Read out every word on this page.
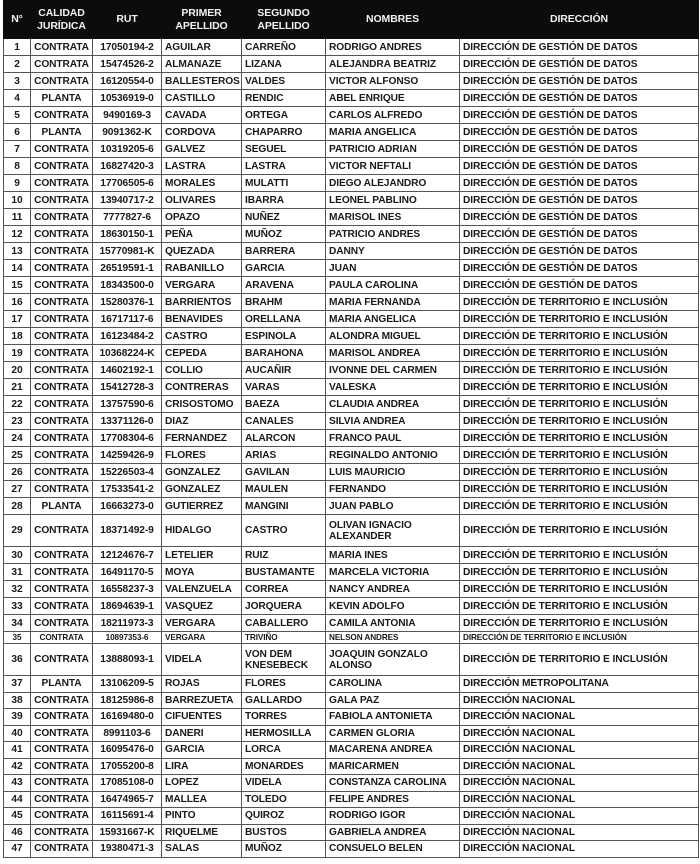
N°	CALIDAD JURÍDICA	RUT	PRIMER APELLIDO	SEGUNDO APELLIDO	NOMBRES	DIRECCIÓN
1	CONTRATA	17050194-2	AGUILAR	CARREÑO	RODRIGO ANDRES	DIRECCIÓN DE GESTIÓN DE DATOS
2	CONTRATA	15474526-2	ALMANAZE	LIZANA	ALEJANDRA BEATRIZ	DIRECCIÓN DE GESTIÓN DE DATOS
3	CONTRATA	16120554-0	BALLESTEROS	VALDES	VICTOR ALFONSO	DIRECCIÓN DE GESTIÓN DE DATOS
4	PLANTA	10536919-0	CASTILLO	RENDIC	ABEL ENRIQUE	DIRECCIÓN DE GESTIÓN DE DATOS
5	CONTRATA	9490169-3	CAVADA	ORTEGA	CARLOS ALFREDO	DIRECCIÓN DE GESTIÓN DE DATOS
6	PLANTA	9091362-K	CORDOVA	CHAPARRO	MARIA ANGELICA	DIRECCIÓN DE GESTIÓN DE DATOS
7	CONTRATA	10319205-6	GALVEZ	SEGUEL	PATRICIO ADRIAN	DIRECCIÓN DE GESTIÓN DE DATOS
8	CONTRATA	16827420-3	LASTRA	LASTRA	VICTOR NEFTALI	DIRECCIÓN DE GESTIÓN DE DATOS
9	CONTRATA	17706505-6	MORALES	MULATTI	DIEGO ALEJANDRO	DIRECCIÓN DE GESTIÓN DE DATOS
10	CONTRATA	13940717-2	OLIVARES	IBARRA	LEONEL PABLINO	DIRECCIÓN DE GESTIÓN DE DATOS
11	CONTRATA	7777827-6	OPAZO	NUÑEZ	MARISOL INES	DIRECCIÓN DE GESTIÓN DE DATOS
12	CONTRATA	18630150-1	PEÑA	MUÑOZ	PATRICIO ANDRES	DIRECCIÓN DE GESTIÓN DE DATOS
13	CONTRATA	15770981-K	QUEZADA	BARRERA	DANNY	DIRECCIÓN DE GESTIÓN DE DATOS
14	CONTRATA	26519591-1	RABANILLO	GARCIA	JUAN	DIRECCIÓN DE GESTIÓN DE DATOS
15	CONTRATA	18343500-0	VERGARA	ARAVENA	PAULA CAROLINA	DIRECCIÓN DE GESTIÓN DE DATOS
16	CONTRATA	15280376-1	BARRIENTOS	BRAHM	MARIA FERNANDA	DIRECCIÓN DE TERRITORIO E INCLUSIÓN
17	CONTRATA	16717117-6	BENAVIDES	ORELLANA	MARIA ANGELICA	DIRECCIÓN DE TERRITORIO E INCLUSIÓN
18	CONTRATA	16123484-2	CASTRO	ESPINOLA	ALONDRA MIGUEL	DIRECCIÓN DE TERRITORIO E INCLUSIÓN
19	CONTRATA	10368224-K	CEPEDA	BARAHONA	MARISOL ANDREA	DIRECCIÓN DE TERRITORIO E INCLUSIÓN
20	CONTRATA	14602192-1	COLLIO	AUCAÑIR	IVONNE DEL CARMEN	DIRECCIÓN DE TERRITORIO E INCLUSIÓN
21	CONTRATA	15412728-3	CONTRERAS	VARAS	VALESKA	DIRECCIÓN DE TERRITORIO E INCLUSIÓN
22	CONTRATA	13757590-6	CRISOSTOMO	BAEZA	CLAUDIA ANDREA	DIRECCIÓN DE TERRITORIO E INCLUSIÓN
23	CONTRATA	13371126-0	DIAZ	CANALES	SILVIA ANDREA	DIRECCIÓN DE TERRITORIO E INCLUSIÓN
24	CONTRATA	17708304-6	FERNANDEZ	ALARCON	FRANCO PAUL	DIRECCIÓN DE TERRITORIO E INCLUSIÓN
25	CONTRATA	14259426-9	FLORES	ARIAS	REGINALDO ANTONIO	DIRECCIÓN DE TERRITORIO E INCLUSIÓN
26	CONTRATA	15226503-4	GONZALEZ	GAVILAN	LUIS MAURICIO	DIRECCIÓN DE TERRITORIO E INCLUSIÓN
27	CONTRATA	17533541-2	GONZALEZ	MAULEN	FERNANDO	DIRECCIÓN DE TERRITORIO E INCLUSIÓN
28	PLANTA	16663273-0	GUTIERREZ	MANGINI	JUAN PABLO	DIRECCIÓN DE TERRITORIO E INCLUSIÓN
29	CONTRATA	18371492-9	HIDALGO	CASTRO	OLIVAN IGNACIO ALEXANDER	DIRECCIÓN DE TERRITORIO E INCLUSIÓN
30	CONTRATA	12124676-7	LETELIER	RUIZ	MARIA INES	DIRECCIÓN DE TERRITORIO E INCLUSIÓN
31	CONTRATA	16491170-5	MOYA	BUSTAMANTE	MARCELA VICTORIA	DIRECCIÓN DE TERRITORIO E INCLUSIÓN
32	CONTRATA	16558237-3	VALENZUELA	CORREA	NANCY ANDREA	DIRECCIÓN DE TERRITORIO E INCLUSIÓN
33	CONTRATA	18694639-1	VASQUEZ	JORQUERA	KEVIN ADOLFO	DIRECCIÓN DE TERRITORIO E INCLUSIÓN
34	CONTRATA	18211973-3	VERGARA	CABALLERO	CAMILA ANTONIA	DIRECCIÓN DE TERRITORIO E INCLUSIÓN
35	CONTRATA	10897353-6	VERGARA	TRIVIÑO	NELSON ANDRES	DIRECCIÓN DE TERRITORIO E INCLUSIÓN
36	CONTRATA	13888093-1	VIDELA	VON DEM KNESEBECK	JOAQUIN GONZALO ALONSO	DIRECCIÓN DE TERRITORIO E INCLUSIÓN
37	PLANTA	13106209-5	ROJAS	FLORES	CAROLINA	DIRECCIÓN METROPOLITANA
38	CONTRATA	18125986-8	BARREZUETA	GALLARDO	GALA PAZ	DIRECCIÓN NACIONAL
39	CONTRATA	16169480-0	CIFUENTES	TORRES	FABIOLA ANTONIETA	DIRECCIÓN NACIONAL
40	CONTRATA	8991103-6	DANERI	HERMOSILLA	CARMEN GLORIA	DIRECCIÓN NACIONAL
41	CONTRATA	16095476-0	GARCIA	LORCA	MACARENA ANDREA	DIRECCIÓN NACIONAL
42	CONTRATA	17055200-8	LIRA	MONARDES	MARICARMEN	DIRECCIÓN NACIONAL
43	CONTRATA	17085108-0	LOPEZ	VIDELA	CONSTANZA CAROLINA	DIRECCIÓN NACIONAL
44	CONTRATA	16474965-7	MALLEA	TOLEDO	FELIPE ANDRES	DIRECCIÓN NACIONAL
45	CONTRATA	16115691-4	PINTO	QUIROZ	RODRIGO IGOR	DIRECCIÓN NACIONAL
46	CONTRATA	15931667-K	RIQUELME	BUSTOS	GABRIELA ANDREA	DIRECCIÓN NACIONAL
47	CONTRATA	19380471-3	SALAS	MUÑOZ	CONSUELO BELEN	DIRECCIÓN NACIONAL
